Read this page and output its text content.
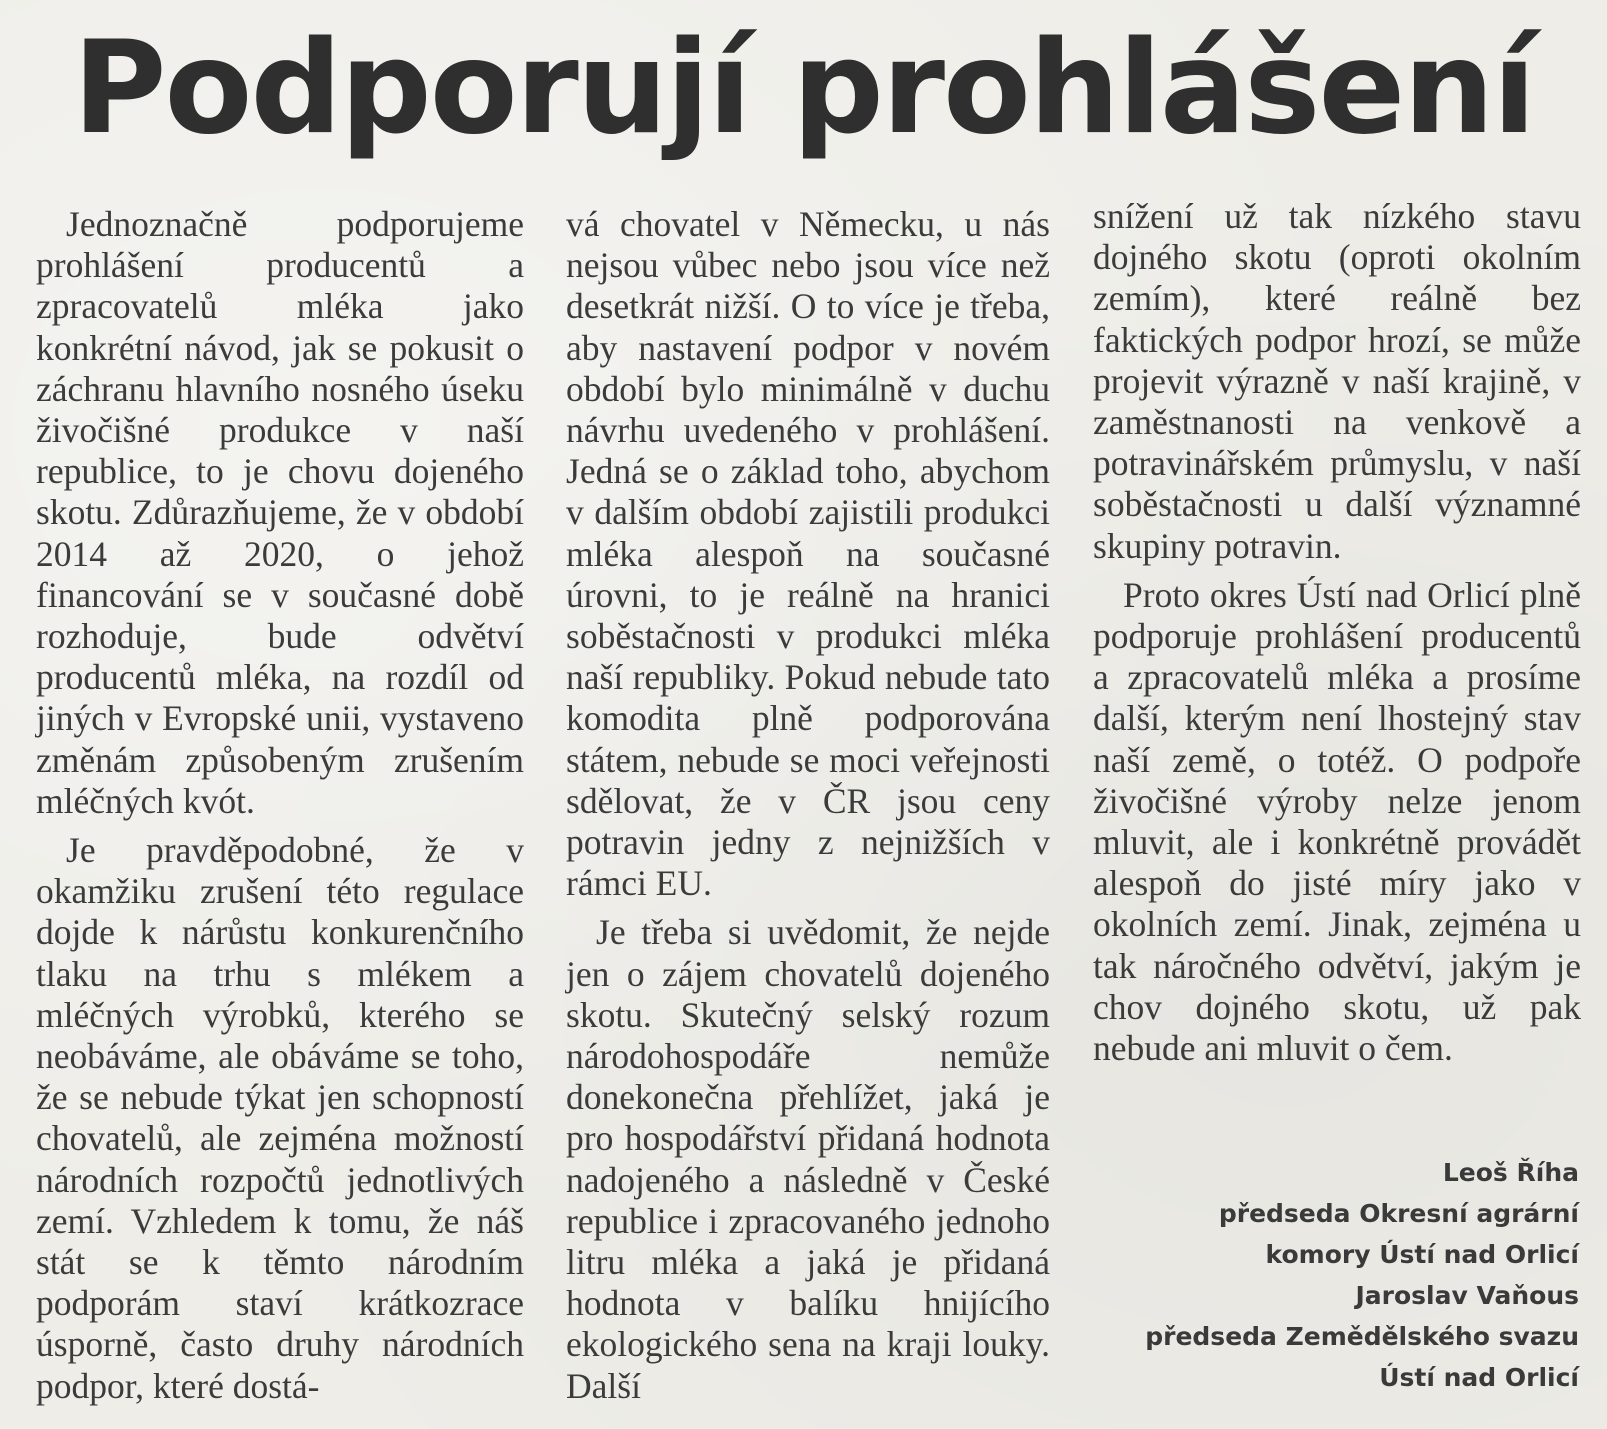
Podporují prohlášení

Jednoznačně podporujeme prohlášení producentů a zpracovatelů mléka jako konkrétní návod, jak se pokusit o záchranu hlavního nosného úseku živočišné produkce v naší republice, to je chovu dojeného skotu. Zdůrazňujeme, že v období 2014 až 2020, o jehož financování se v současné době rozhoduje, bude odvětví producentů mléka, na rozdíl od jiných v Evropské unii, vystaveno změnám způsobeným zrušením mléčných kvót.

Je pravděpodobné, že v okamžiku zrušení této regulace dojde k nárůstu konkurenčního tlaku na trhu s mlékem a mléčných výrobků, kterého se neobáváme, ale obáváme se toho, že se nebude týkat jen schopností chovatelů, ale zejména možností národních rozpočtů jednotlivých zemí. Vzhledem k tomu, že náš stát se k těmto národním podporám staví krátkozrace úsporně, často druhy národních podpor, které dostá-

vá chovatel v Německu, u nás nejsou vůbec nebo jsou více než desetkrát nižší. O to více je třeba, aby nastavení podpor v novém období bylo minimálně v duchu návrhu uvedeného v prohlášení. Jedná se o základ toho, abychom v dalším období zajistili produkci mléka alespoň na současné úrovni, to je reálně na hranici soběstačnosti v produkci mléka naší republiky. Pokud nebude tato komodita plně podporována státem, nebude se moci veřejnosti sdělovat, že v ČR jsou ceny potravin jedny z nejnižších v rámci EU.

Je třeba si uvědomit, že nejde jen o zájem chovatelů dojeného skotu. Skutečný selský rozum národohospodáře nemůže donekonečna přehlížet, jaká je pro hospodářství přidaná hodnota nadojeného a následně v České republice i zpracovaného jednoho litru mléka a jaká je přidaná hodnota v balíku hnijícího ekologického sena na kraji louky. Další

snížení už tak nízkého stavu dojného skotu (oproti okolním zemím), které reálně bez faktických podpor hrozí, se může projevit výrazně v naší krajině, v zaměstnanosti na venkově a potravinářském průmyslu, v naší soběstačnosti u další významné skupiny potravin.

Proto okres Ústí nad Orlicí plně podporuje prohlášení producentů a zpracovatelů mléka a prosíme další, kterým není lhostejný stav naší země, o totéž. O podpoře živočišné výroby nelze jenom mluvit, ale i konkrétně provádět alespoň do jisté míry jako v okolních zemí. Jinak, zejména u tak náročného odvětví, jakým je chov dojného skotu, už pak nebude ani mluvit o čem.

Leoš Říha
předseda Okresní agrární
komory Ústí nad Orlicí
Jaroslav Vaňous
předseda Zemědělského svazu
Ústí nad Orlicí
